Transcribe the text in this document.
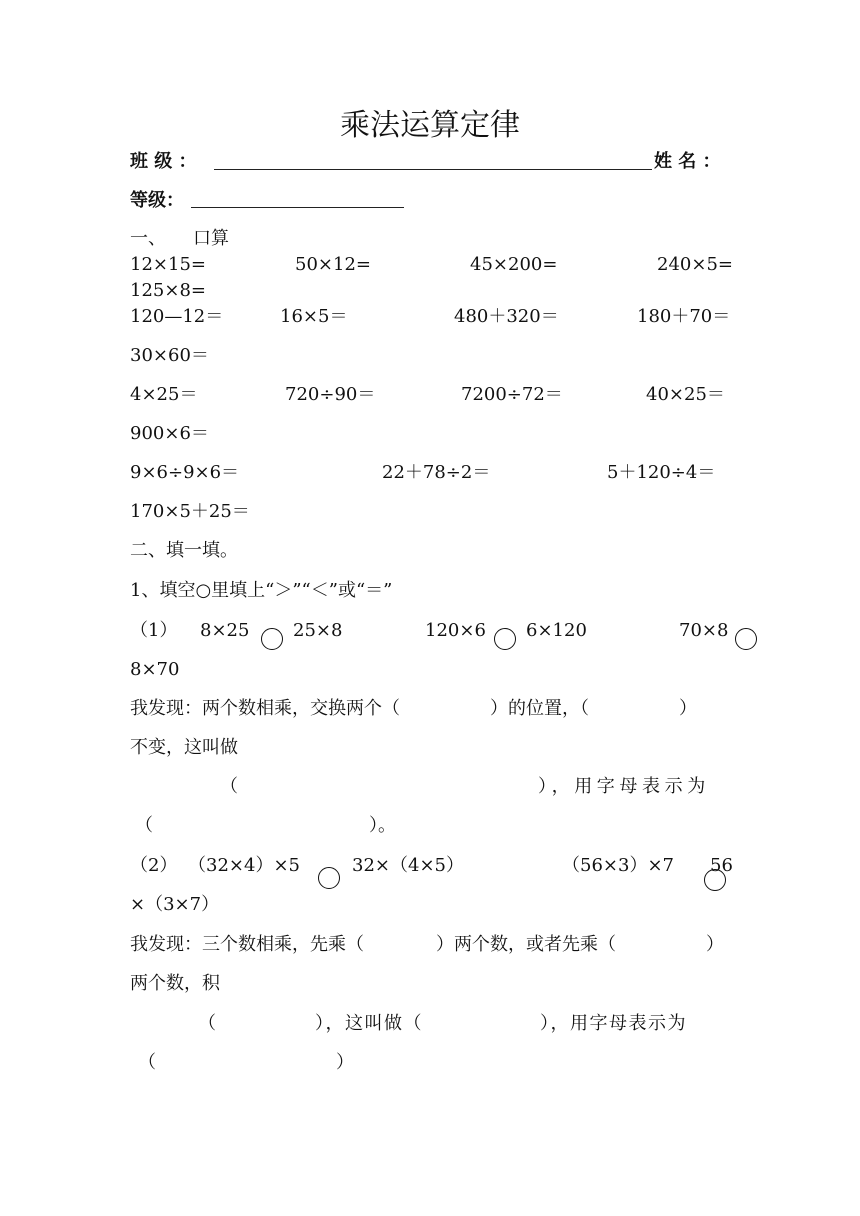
乘法运算定律
班 级 ：	姓 名 ：
等级：
一、 口算
12×15=	50×12=	45×200=	240×5=
125×8=
120—12＝	16×5＝	480＋320＝	180＋70＝
30×60＝
4×25＝	720÷90＝	7200÷72＝	40×25＝
900×6＝
9×6÷9×6＝	22＋78÷2＝	5＋120÷4＝
170×5＋25＝
二、填一填。
1、填空○里填上“＞”“＜”或“＝”
（1） 8×25 25×8	120×6 6×120	70×8
8×70
我发现：两个数相乘，交换两个（　　　　　）的位置，（　　　　　）
不变，这叫做
（	），用字母表示为
（　　　　　　　　　　　　）。
（2） （32×4）×5	32×（4×5）	（56×3）×7 56
×（3×7）
我发现：三个数相乘，先乘（　　　　）两个数，或者先乘（　　　　　）
两个数，积
（　　　　　），这叫做（　　　　　　），用字母表示为
（　　　　　　　　　　）
